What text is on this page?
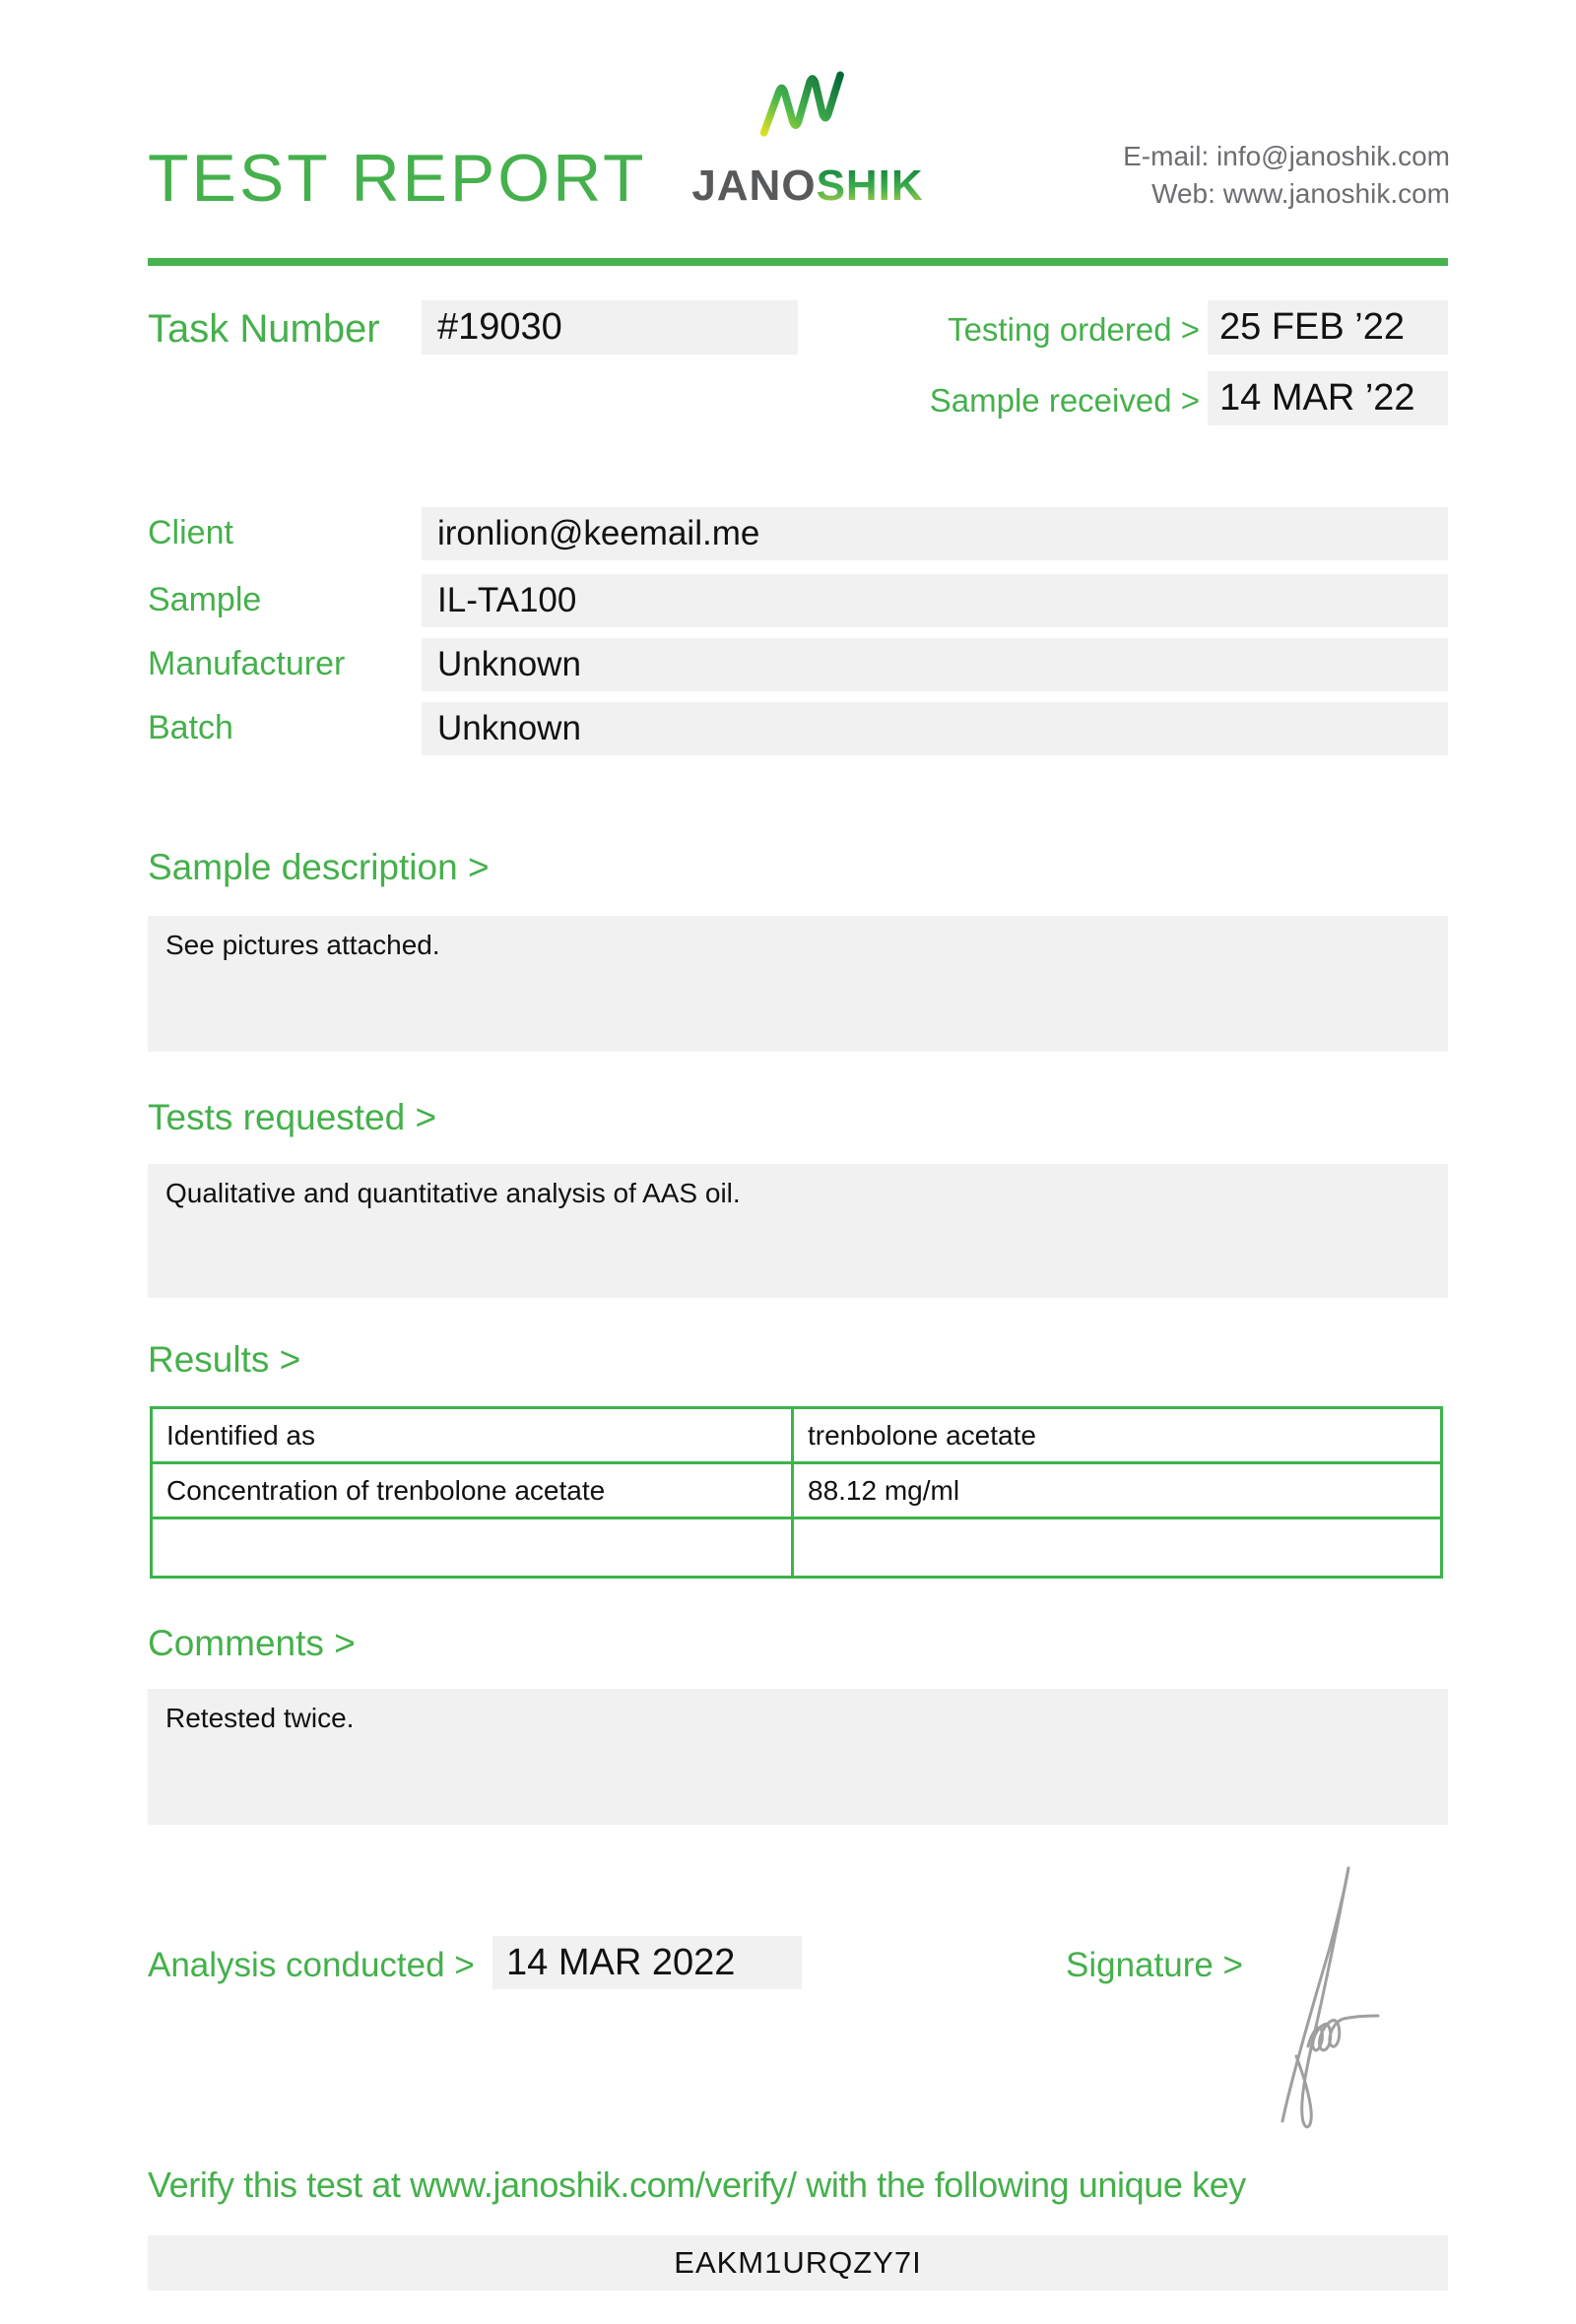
TEST REPORT JANOSHIK
E-mail: info@janoshik.com
Web: www.janoshik.com
Task Number	#19030	Testing ordered > 25 FEB ’22
Sample received > 14 MAR ’22
Client	ironlion@keemail.me
Sample	IL-TA100
Manufacturer	Unknown
Batch	Unknown
Sample description >
See pictures attached.
Tests requested >
Qualitative and quantitative analysis of AAS oil.
Results >
Identified as	trenbolone acetate
Concentration of trenbolone acetate	88.12 mg/ml
Comments >
Retested twice.
Analysis conducted > 14 MAR 2022	Signature >
Verify this test at www.janoshik.com/verify/ with the following unique key
EAKM1URQZY7I
